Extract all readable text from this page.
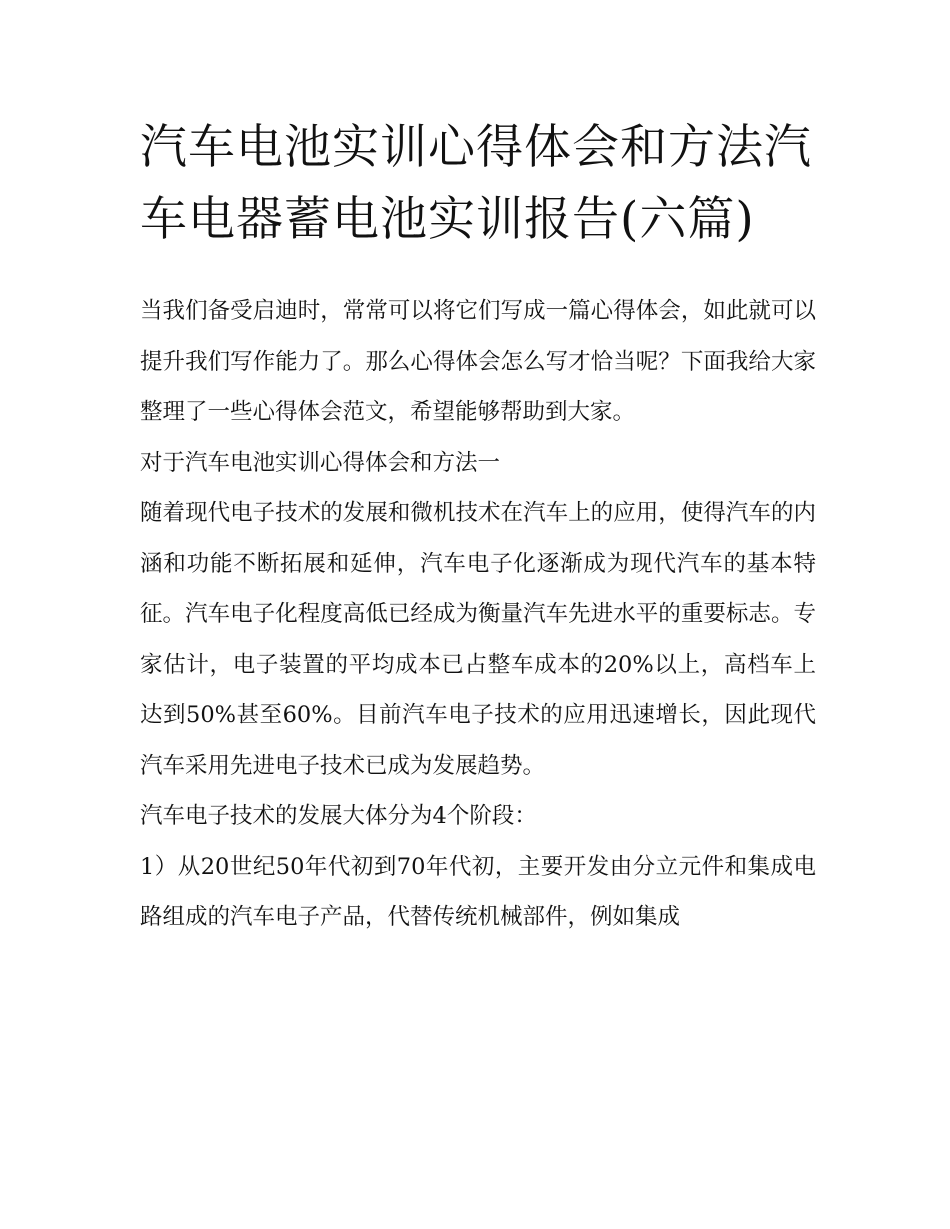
汽车电池实训心得体会和方法汽车电器蓄电池实训报告(六篇)

当我们备受启迪时，常常可以将它们写成一篇心得体会，如此就可以提升我们写作能力了。那么心得体会怎么写才恰当呢？下面我给大家整理了一些心得体会范文，希望能够帮助到大家。

对于汽车电池实训心得体会和方法一

随着现代电子技术的发展和微机技术在汽车上的应用，使得汽车的内涵和功能不断拓展和延伸，汽车电子化逐渐成为现代汽车的基本特征。汽车电子化程度高低已经成为衡量汽车先进水平的重要标志。专家估计，电子装置的平均成本已占整车成本的20%以上，高档车上达到50%甚至60%。目前汽车电子技术的应用迅速增长，因此现代汽车采用先进电子技术已成为发展趋势。

汽车电子技术的发展大体分为4个阶段：

1）从20世纪50年代初到70年代初，主要开发由分立元件和集成电路组成的汽车电子产品，代替传统机械部件，例如集成
